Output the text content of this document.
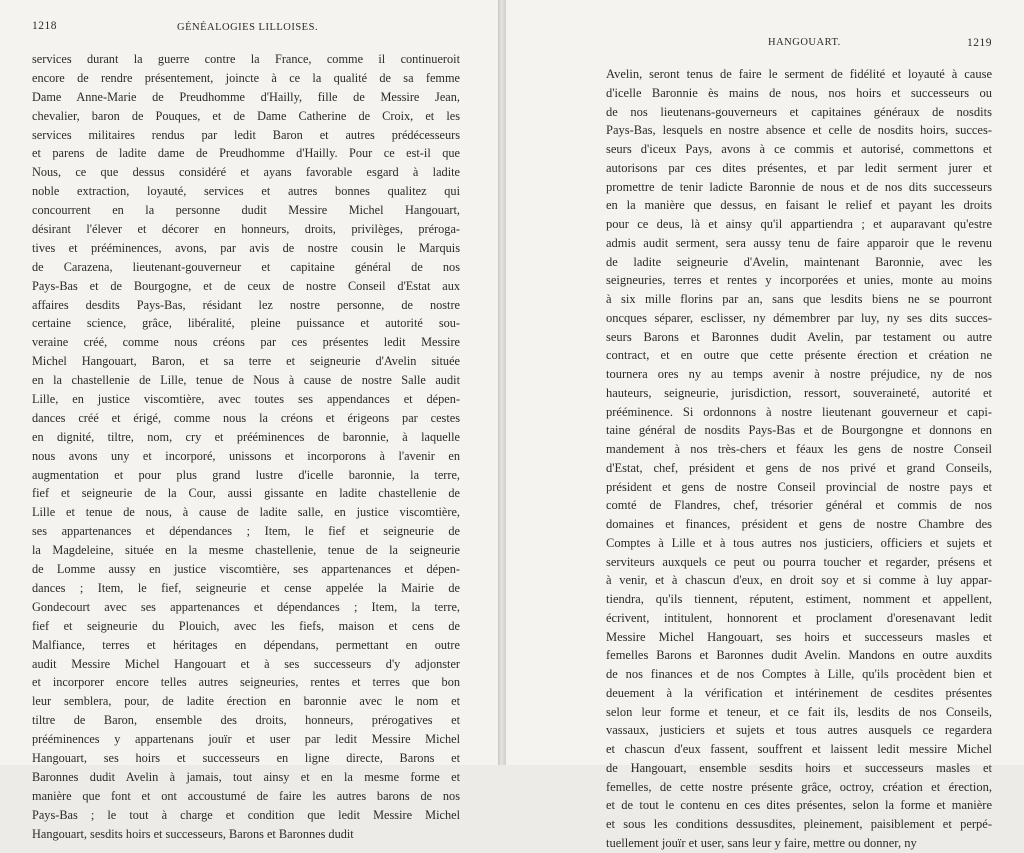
1218	GÉNÉALOGIES LILLOISES.
services durant la guerre contre la France, comme il continueroit
encore de rendre présentement, joincte à ce la qualité de sa femme
Dame Anne-Marie de Preudhomme d'Hailly, fille de Messire Jean,
chevalier, baron de Pouques, et de Dame Catherine de Croix, et les
services militaires rendus par ledit Baron et autres prédécesseurs
et parens de ladite dame de Preudhomme d'Hailly. Pour ce est-il que
Nous, ce que dessus considéré et ayans favorable esgard à ladite
noble extraction, loyauté, services et autres bonnes qualitez qui
concourrent en la personne dudit Messire Michel Hangouart,
désirant l'élever et décorer en honneurs, droits, privilèges, préroga-
tives et prééminences, avons, par avis de nostre cousin le Marquis
de Carazena, lieutenant-gouverneur et capitaine général de nos
Pays-Bas et de Bourgogne, et de ceux de nostre Conseil d'Estat aux
affaires desdits Pays-Bas, résidant lez nostre personne, de nostre
certaine science, grâce, libéralité, pleine puissance et autorité sou-
veraine créé, comme nous créons par ces présentes ledit Messire
Michel Hangouart, Baron, et sa terre et seigneurie d'Avelin située
en la chastellenie de Lille, tenue de Nous à cause de nostre Salle audit
Lille, en justice viscomtière, avec toutes ses appendances et dépen-
dances créé et érigé, comme nous la créons et érigeons par cestes
en dignité, tiltre, nom, cry et prééminences de baronnie, à laquelle
nous avons uny et incorporé, unissons et incorporons à l'avenir en
augmentation et pour plus grand lustre d'icelle baronnie, la terre,
fief et seigneurie de la Cour, aussi gissante en ladite chastellenie de
Lille et tenue de nous, à cause de ladite salle, en justice viscomtière,
ses appartenances et dépendances ; Item, le fief et seigneurie de
la Magdeleine, située en la mesme chastellenie, tenue de la seigneurie
de Lomme aussy en justice viscomtière, ses appartenances et dépen-
dances ; Item, le fief, seigneurie et cense appelée la Mairie de
Gondecourt avec ses appartenances et dépendances ; Item, la terre,
fief et seigneurie du Plouich, avec les fiefs, maison et cens de
Malfiance, terres et héritages en dépendans, permettant en outre
audit Messire Michel Hangouart et à ses successeurs d'y adjonster
et incorporer encore telles autres seigneuries, rentes et terres que bon
leur semblera, pour, de ladite érection en baronnie avec le nom et
tiltre de Baron, ensemble des droits, honneurs, prérogatives et
prééminences y appartenans jouïr et user par ledit Messire Michel
Hangouart, ses hoirs et successeurs en ligne directe, Barons et
Baronnes dudit Avelin à jamais, tout ainsy et en la mesme forme et
manière que font et ont accoustumé de faire les autres barons de nos
Pays-Bas ; le tout à charge et condition que ledit Messire Michel
Hangouart, sesdits hoirs et successeurs, Barons et Baronnes dudit
HANGOUART.	1219
Avelin, seront tenus de faire le serment de fidélité et loyauté à cause
d'icelle Baronnie ès mains de nous, nos hoirs et successeurs ou
de nos lieutenans-gouverneurs et capitaines généraux de nosdits
Pays-Bas, lesquels en nostre absence et celle de nosdits hoirs, succes-
seurs d'iceux Pays, avons à ce commis et autorisé, commettons et
autorisons par ces dites présentes, et par ledit serment jurer et
promettre de tenir ladicte Baronnie de nous et de nos dits successeurs
en la manière que dessus, en faisant le relief et payant les droits
pour ce deus, là et ainsy qu'il appartiendra ; et auparavant qu'estre
admis audit serment, sera aussy tenu de faire apparoir que le revenu
de ladite seigneurie d'Avelin, maintenant Baronnie, avec les
seigneuries, terres et rentes y incorporées et unies, monte au moins
à six mille florins par an, sans que lesdits biens ne se pourront
oncques séparer, esclisser, ny démembrer par luy, ny ses dits succes-
seurs Barons et Baronnes dudit Avelin, par testament ou autre
contract, et en outre que cette présente érection et création ne
tournera ores ny au temps avenir à nostre préjudice, ny de nos
hauteurs, seigneurie, jurisdiction, ressort, souveraineté, autorité et
prééminence. Si ordonnons à nostre lieutenant gouverneur et capi-
taine général de nosdits Pays-Bas et de Bourgongne et donnons en
mandement à nos très-chers et féaux les gens de nostre Conseil
d'Estat, chef, président et gens de nos privé et grand Conseils,
président et gens de nostre Conseil provincial de nostre pays et
comté de Flandres, chef, trésorier général et commis de nos
domaines et finances, président et gens de nostre Chambre des
Comptes à Lille et à tous autres nos justiciers, officiers et sujets et
serviteurs auxquels ce peut ou pourra toucher et regarder, présens et
à venir, et à chascun d'eux, en droit soy et si comme à luy appar-
tiendra, qu'ils tiennent, réputent, estiment, nomment et appellent,
écrivent, intitulent, honnorent et proclament d'oresenavant ledit
Messire Michel Hangouart, ses hoirs et successeurs masles et
femelles Barons et Baronnes dudit Avelin. Mandons en outre auxdits
de nos finances et de nos Comptes à Lille, qu'ils procèdent bien et
deuement à la vérification et intérinement de cesdites présentes
selon leur forme et teneur, et ce fait ils, lesdits de nos Conseils,
vassaux, justiciers et sujets et tous autres ausquels ce regardera
et chascun d'eux fassent, souffrent et laissent ledit messire Michel
de Hangouart, ensemble sesdits hoirs et successeurs masles et
femelles, de cette nostre présente grâce, octroy, création et érection,
et de tout le contenu en ces dites présentes, selon la forme et manière
et sous les conditions dessusdites, pleinement, paisiblement et perpé-
tuellement jouïr et user, sans leur y faire, mettre ou donner, ny
